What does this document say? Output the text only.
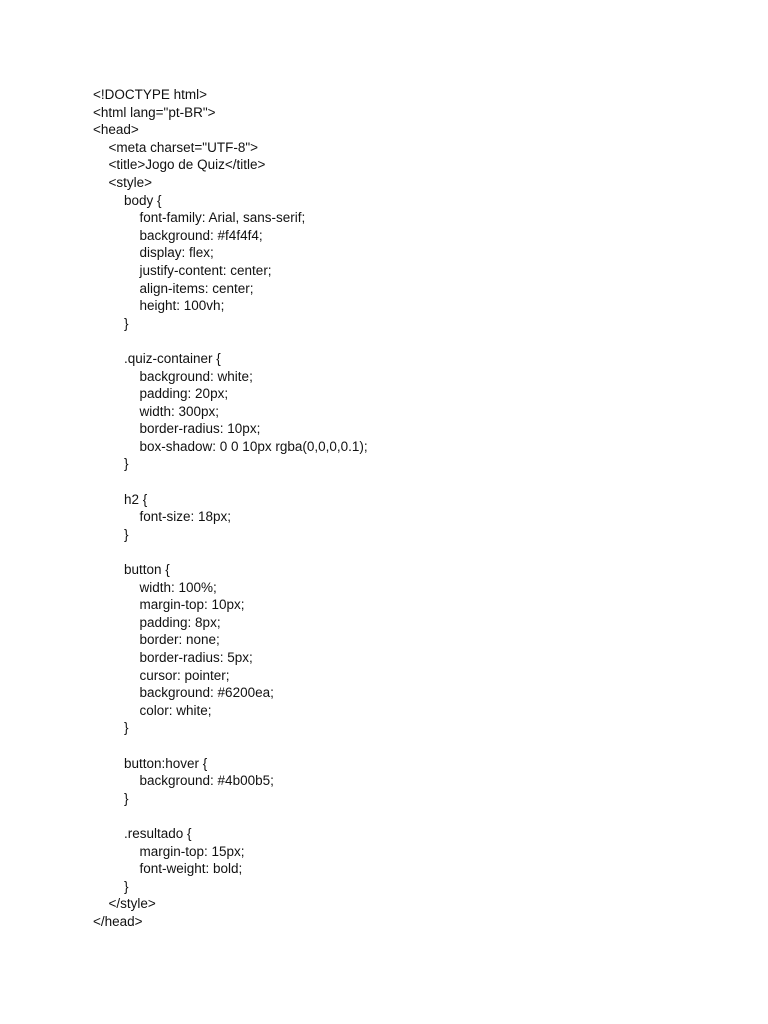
<!DOCTYPE html>
<html lang="pt-BR">
<head>
<meta charset="UTF-8">
<title>Jogo de Quiz</title>
<style>
body {
font-family: Arial, sans-serif;
background: #f4f4f4;
display: flex;
justify-content: center;
align-items: center;
height: 100vh;
}
.quiz-container {
background: white;
padding: 20px;
width: 300px;
border-radius: 10px;
box-shadow: 0 0 10px rgba(0,0,0,0.1);
}
h2 {
font-size: 18px;
}
button {
width: 100%;
margin-top: 10px;
padding: 8px;
border: none;
border-radius: 5px;
cursor: pointer;
background: #6200ea;
color: white;
}
button:hover {
background: #4b00b5;
}
.resultado {
margin-top: 15px;
font-weight: bold;
}
</style>
</head>
